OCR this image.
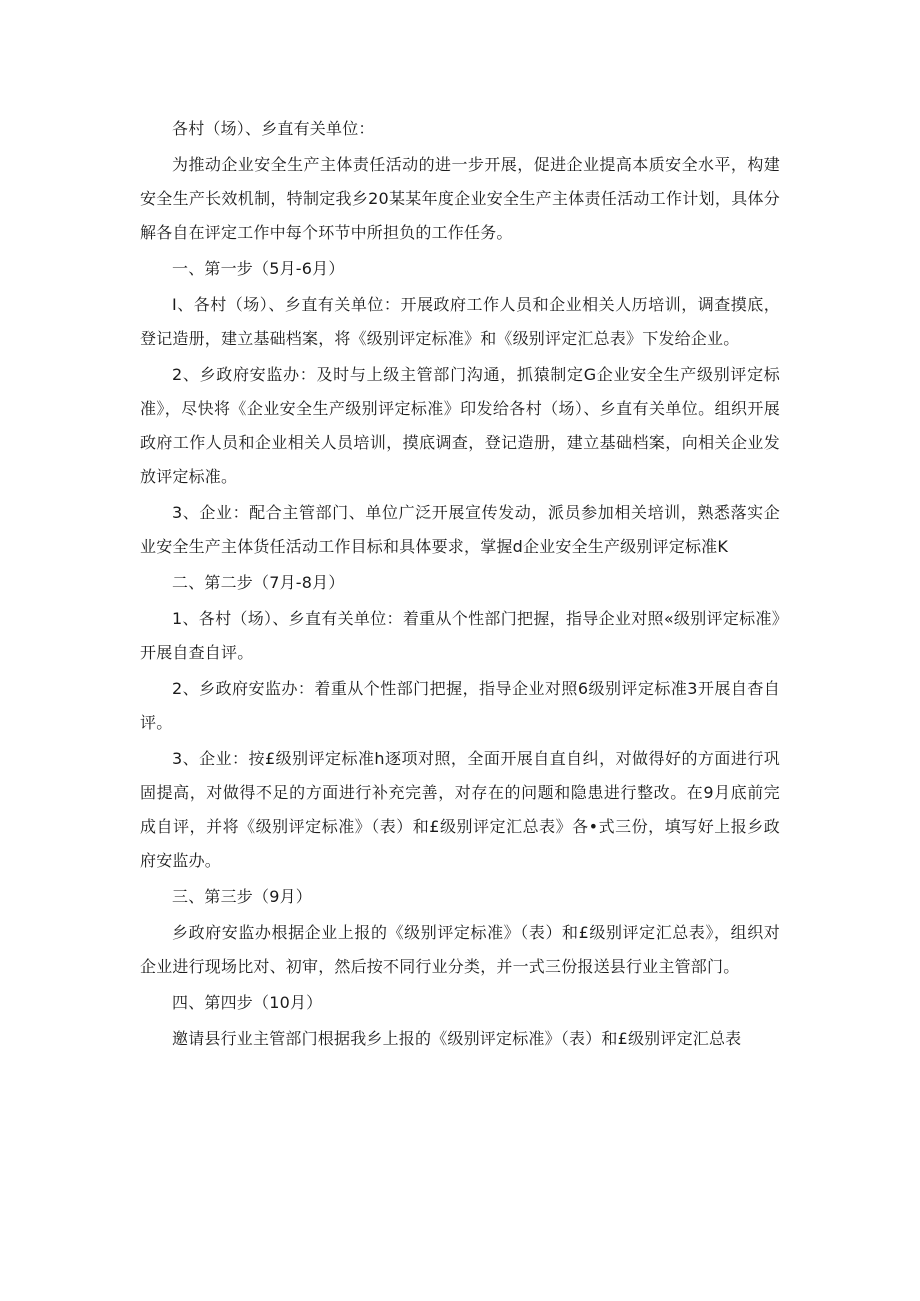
各村（场）、乡直有关单位：

为推动企业安全生产主体责任活动的进一步开展，促进企业提高本质安全水平，构建安全生产长效机制，特制定我乡20某某年度企业安全生产主体责任活动工作计划，具体分解各自在评定工作中每个环节中所担负的工作任务。

一、第一步（5月-6月）

I、各村（场）、乡直有关单位：开展政府工作人员和企业相关人历培训，调查摸底，登记造册，建立基础档案，将《级别评定标准》和《级别评定汇总表》下发给企业。

2、乡政府安监办：及时与上级主管部门沟通，抓猿制定G企业安全生产级别评定标准》，尽快将《企业安全生产级别评定标准》印发给各村（场）、乡直有关单位。组织开展政府工作人员和企业相关人员培训，摸底调查，登记造册，建立基础档案，向相关企业发放评定标准。

3、企业：配合主管部门、单位广泛开展宣传发动，派员参加相关培训，熟悉落实企业安全生产主体货任活动工作目标和具体要求，掌握d企业安全生产级别评定标准K

二、第二步（7月-8月）

1、各村（场）、乡直有关单位：着重从个性部门把握，指导企业对照«级别评定标准》开展自查自评。

2、乡政府安监办：着重从个性部门把握，指导企业对照6级别评定标准3开展自杳自评。

3、企业：按£级别评定标准h逐项对照，全面开展自直自纠，对做得好的方面进行巩固提高，对做得不足的方面进行补充完善，对存在的问题和隐患进行整改。在9月底前完成自评，并将《级别评定标准》（表）和£级别评定汇总表》各•式三份，填写好上报乡政府安监办。

三、第三步（9月）

乡政府安监办根据企业上报的《级别评定标准》（表）和£级别评定汇总表》，组织对企业进行现场比对、初审，然后按不同行业分类，并一式三份报送县行业主管部门。

四、第四步（10月）

邀请县行业主管部门根据我乡上报的《级别评定标准》（表）和£级别评定汇总表
